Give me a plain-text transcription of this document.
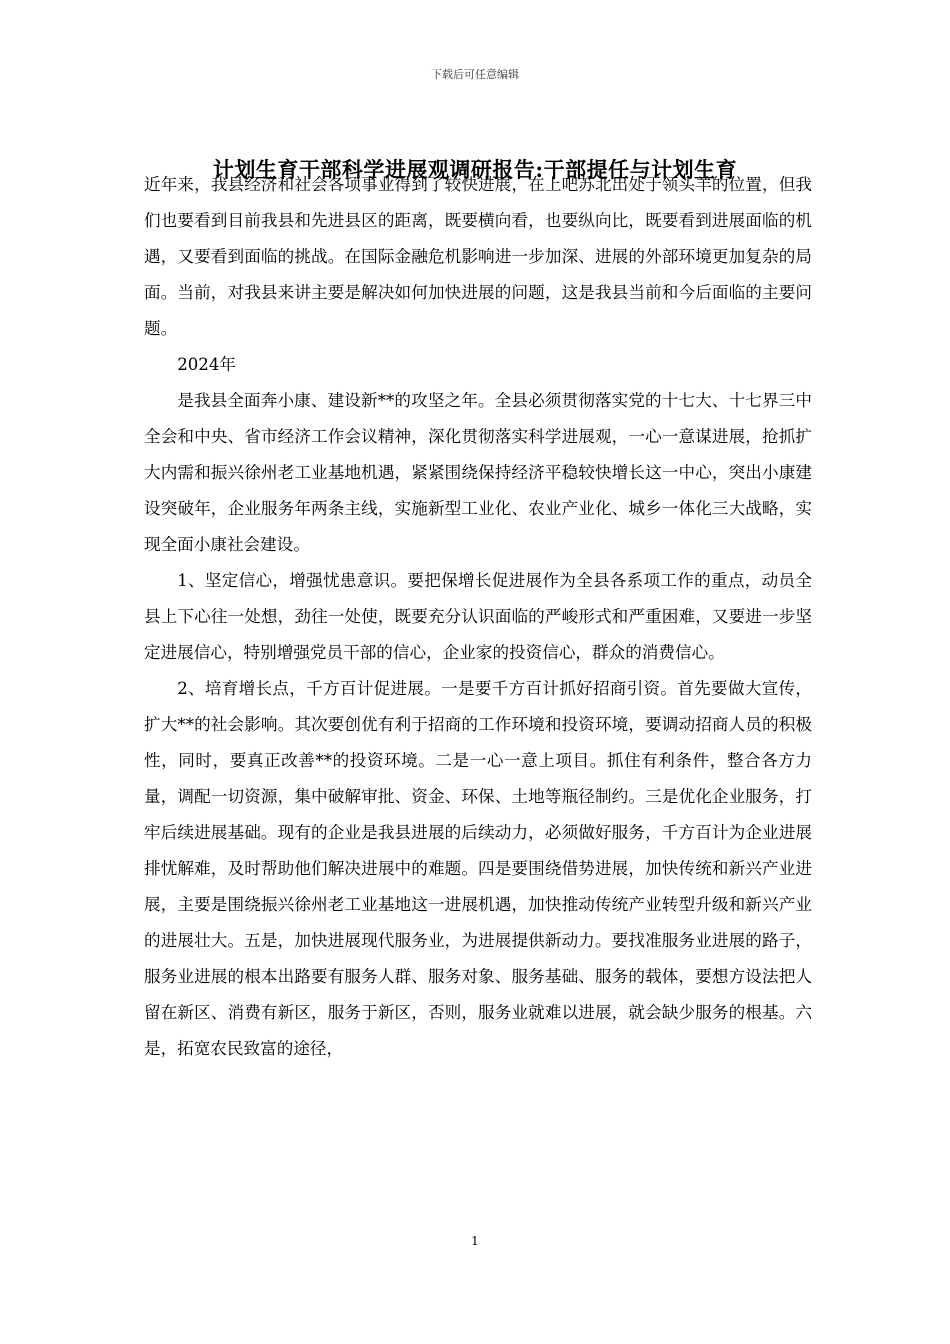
下载后可任意编辑
计划生育干部科学进展观调研报告:干部提任与计划生育

近年来，我县经济和社会各项事业得到了较快进展，在上吧苏北出处于领头羊的位置，但我们也要看到目前我县和先进县区的距离，既要横向看，也要纵向比，既要看到进展面临的机遇，又要看到面临的挑战。在国际金融危机影响进一步加深、进展的外部环境更加复杂的局面。当前，对我县来讲主要是解决如何加快进展的问题，这是我县当前和今后面临的主要问题。

2024年

是我县全面奔小康、建设新**的攻坚之年。全县必须贯彻落实党的十七大、十七界三中全会和中央、省市经济工作会议精神，深化贯彻落实科学进展观，一心一意谋进展，抢抓扩大内需和振兴徐州老工业基地机遇，紧紧围绕保持经济平稳较快增长这一中心，突出小康建设突破年，企业服务年两条主线，实施新型工业化、农业产业化、城乡一体化三大战略，实现全面小康社会建设。

1、坚定信心，增强忧患意识。要把保增长促进展作为全县各系项工作的重点，动员全县上下心往一处想，劲往一处使，既要充分认识面临的严峻形式和严重困难，又要进一步坚定进展信心，特别增强党员干部的信心，企业家的投资信心，群众的消费信心。

2、培育增长点，千方百计促进展。一是要千方百计抓好招商引资。首先要做大宣传，扩大**的社会影响。其次要创优有利于招商的工作环境和投资环境，要调动招商人员的积极性，同时，要真正改善**的投资环境。二是一心一意上项目。抓住有利条件，整合各方力量，调配一切资源，集中破解审批、资金、环保、土地等瓶径制约。三是优化企业服务，打牢后续进展基础。现有的企业是我县进展的后续动力，必须做好服务，千方百计为企业进展排忧解难，及时帮助他们解决进展中的难题。四是要围绕借势进展，加快传统和新兴产业进展，主要是围绕振兴徐州老工业基地这一进展机遇，加快推动传统产业转型升级和新兴产业的进展壮大。五是，加快进展现代服务业，为进展提供新动力。要找准服务业进展的路子，服务业进展的根本出路要有服务人群、服务对象、服务基础、服务的载体，要想方设法把人留在新区、消费有新区，服务于新区，否则，服务业就难以进展，就会缺少服务的根基。六是，拓宽农民致富的途径，

1
